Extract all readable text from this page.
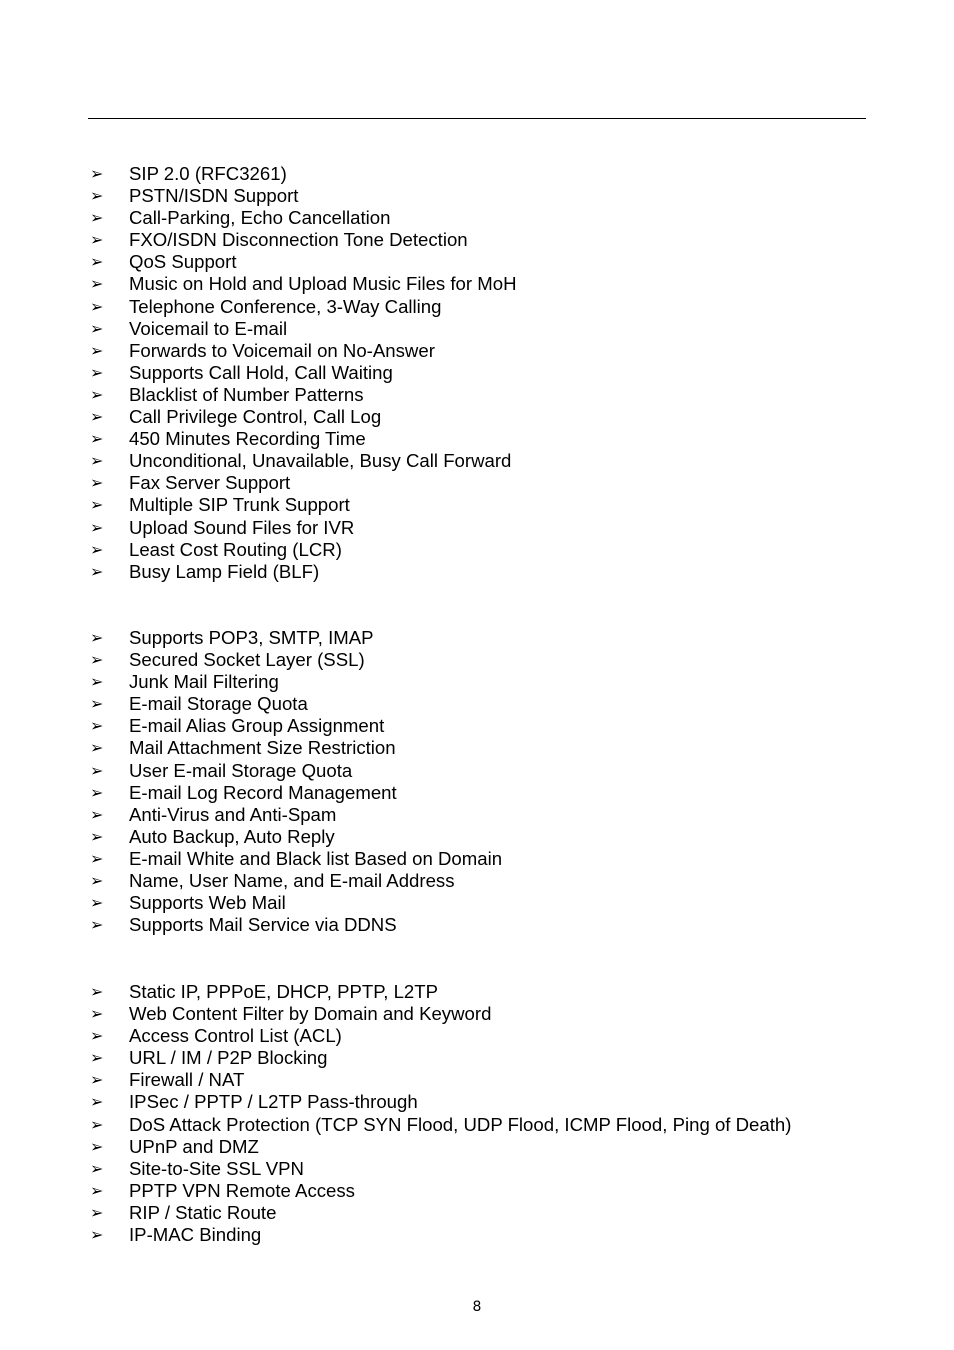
➢ SIP 2.0 (RFC3261)
➢ PSTN/ISDN Support
➢ Call-Parking, Echo Cancellation
➢ FXO/ISDN Disconnection Tone Detection
➢ QoS Support
➢ Music on Hold and Upload Music Files for MoH
➢ Telephone Conference, 3-Way Calling
➢ Voicemail to E-mail
➢ Forwards to Voicemail on No-Answer
➢ Supports Call Hold, Call Waiting
➢ Blacklist of Number Patterns
➢ Call Privilege Control, Call Log
➢ 450 Minutes Recording Time
➢ Unconditional, Unavailable, Busy Call Forward
➢ Fax Server Support
➢ Multiple SIP Trunk Support
➢ Upload Sound Files for IVR
➢ Least Cost Routing (LCR)
➢ Busy Lamp Field (BLF)
➢ Supports POP3, SMTP, IMAP
➢ Secured Socket Layer (SSL)
➢ Junk Mail Filtering
➢ E-mail Storage Quota
➢ E-mail Alias Group Assignment
➢ Mail Attachment Size Restriction
➢ User E-mail Storage Quota
➢ E-mail Log Record Management
➢ Anti-Virus and Anti-Spam
➢ Auto Backup, Auto Reply
➢ E-mail White and Black list Based on Domain
➢ Name, User Name, and E-mail Address
➢ Supports Web Mail
➢ Supports Mail Service via DDNS
➢ Static IP, PPPoE, DHCP, PPTP, L2TP
➢ Web Content Filter by Domain and Keyword
➢ Access Control List (ACL)
➢ URL / IM / P2P Blocking
➢ Firewall / NAT
➢ IPSec / PPTP / L2TP Pass-through
➢ DoS Attack Protection (TCP SYN Flood, UDP Flood, ICMP Flood, Ping of Death)
➢ UPnP and DMZ
➢ Site-to-Site SSL VPN
➢ PPTP VPN Remote Access
➢ RIP / Static Route
➢ IP-MAC Binding
8
